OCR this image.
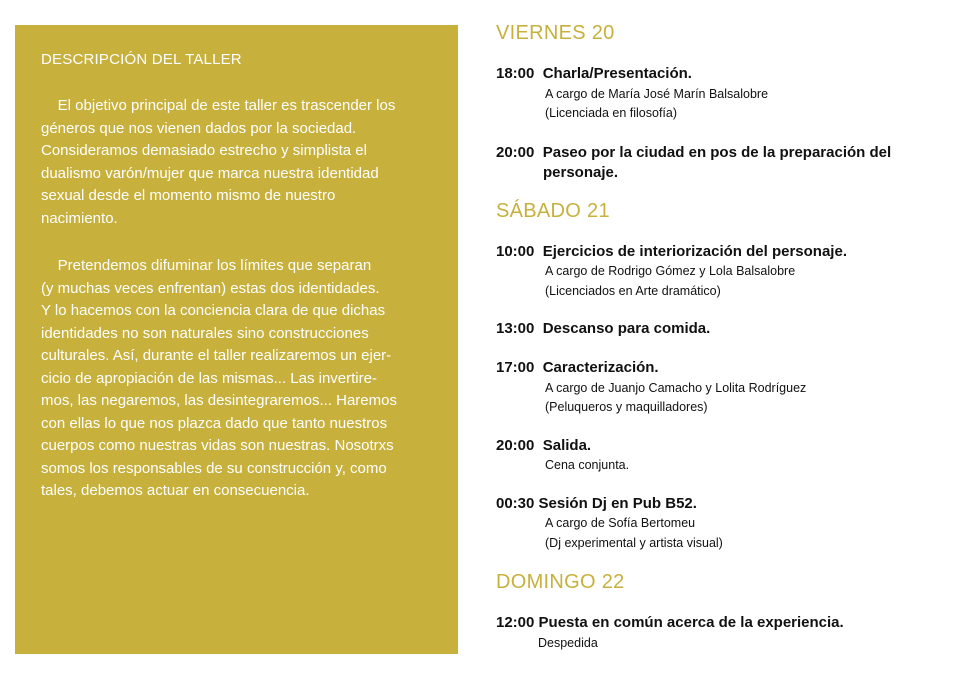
DESCRIPCIÓN DEL TALLER
El objetivo principal de este taller es trascender los
géneros que nos vienen dados por la sociedad.
Consideramos demasiado estrecho y simplista el
dualismo varón/mujer que marca nuestra identidad
sexual desde el momento mismo de nuestro
nacimiento.
Pretendemos difuminar los límites que separan
(y muchas veces enfrentan) estas dos identidades.
Y lo hacemos con la conciencia clara de que dichas
identidades no son naturales sino construcciones
culturales. Así, durante el taller realizaremos un ejer-
cicio de apropiación de las mismas... Las invertire-
mos, las negaremos, las desintegraremos... Haremos
con ellas lo que nos plazca dado que tanto nuestros
cuerpos como nuestras vidas son nuestras. Nosotrxs
somos los responsables de su construcción y, como
tales, debemos actuar en consecuencia.
VIERNES 20
18:00 Charla/Presentación.
A cargo de María José Marín Balsalobre
(Licenciada en filosofía)
20:00 Paseo por la ciudad en pos de la preparación del
personaje.
SÁBADO 21
10:00 Ejercicios de interiorización del personaje.
A cargo de Rodrigo Gómez y Lola Balsalobre
(Licenciados en Arte dramático)
13:00 Descanso para comida.
17:00 Caracterización.
A cargo de Juanjo Camacho y Lolita Rodríguez
(Peluqueros y maquilladores)
20:00 Salida.
Cena conjunta.
00:30 Sesión Dj en Pub B52.
A cargo de Sofía Bertomeu
(Dj experimental y artista visual)
DOMINGO 22
12:00 Puesta en común acerca de la experiencia.
Despedida
